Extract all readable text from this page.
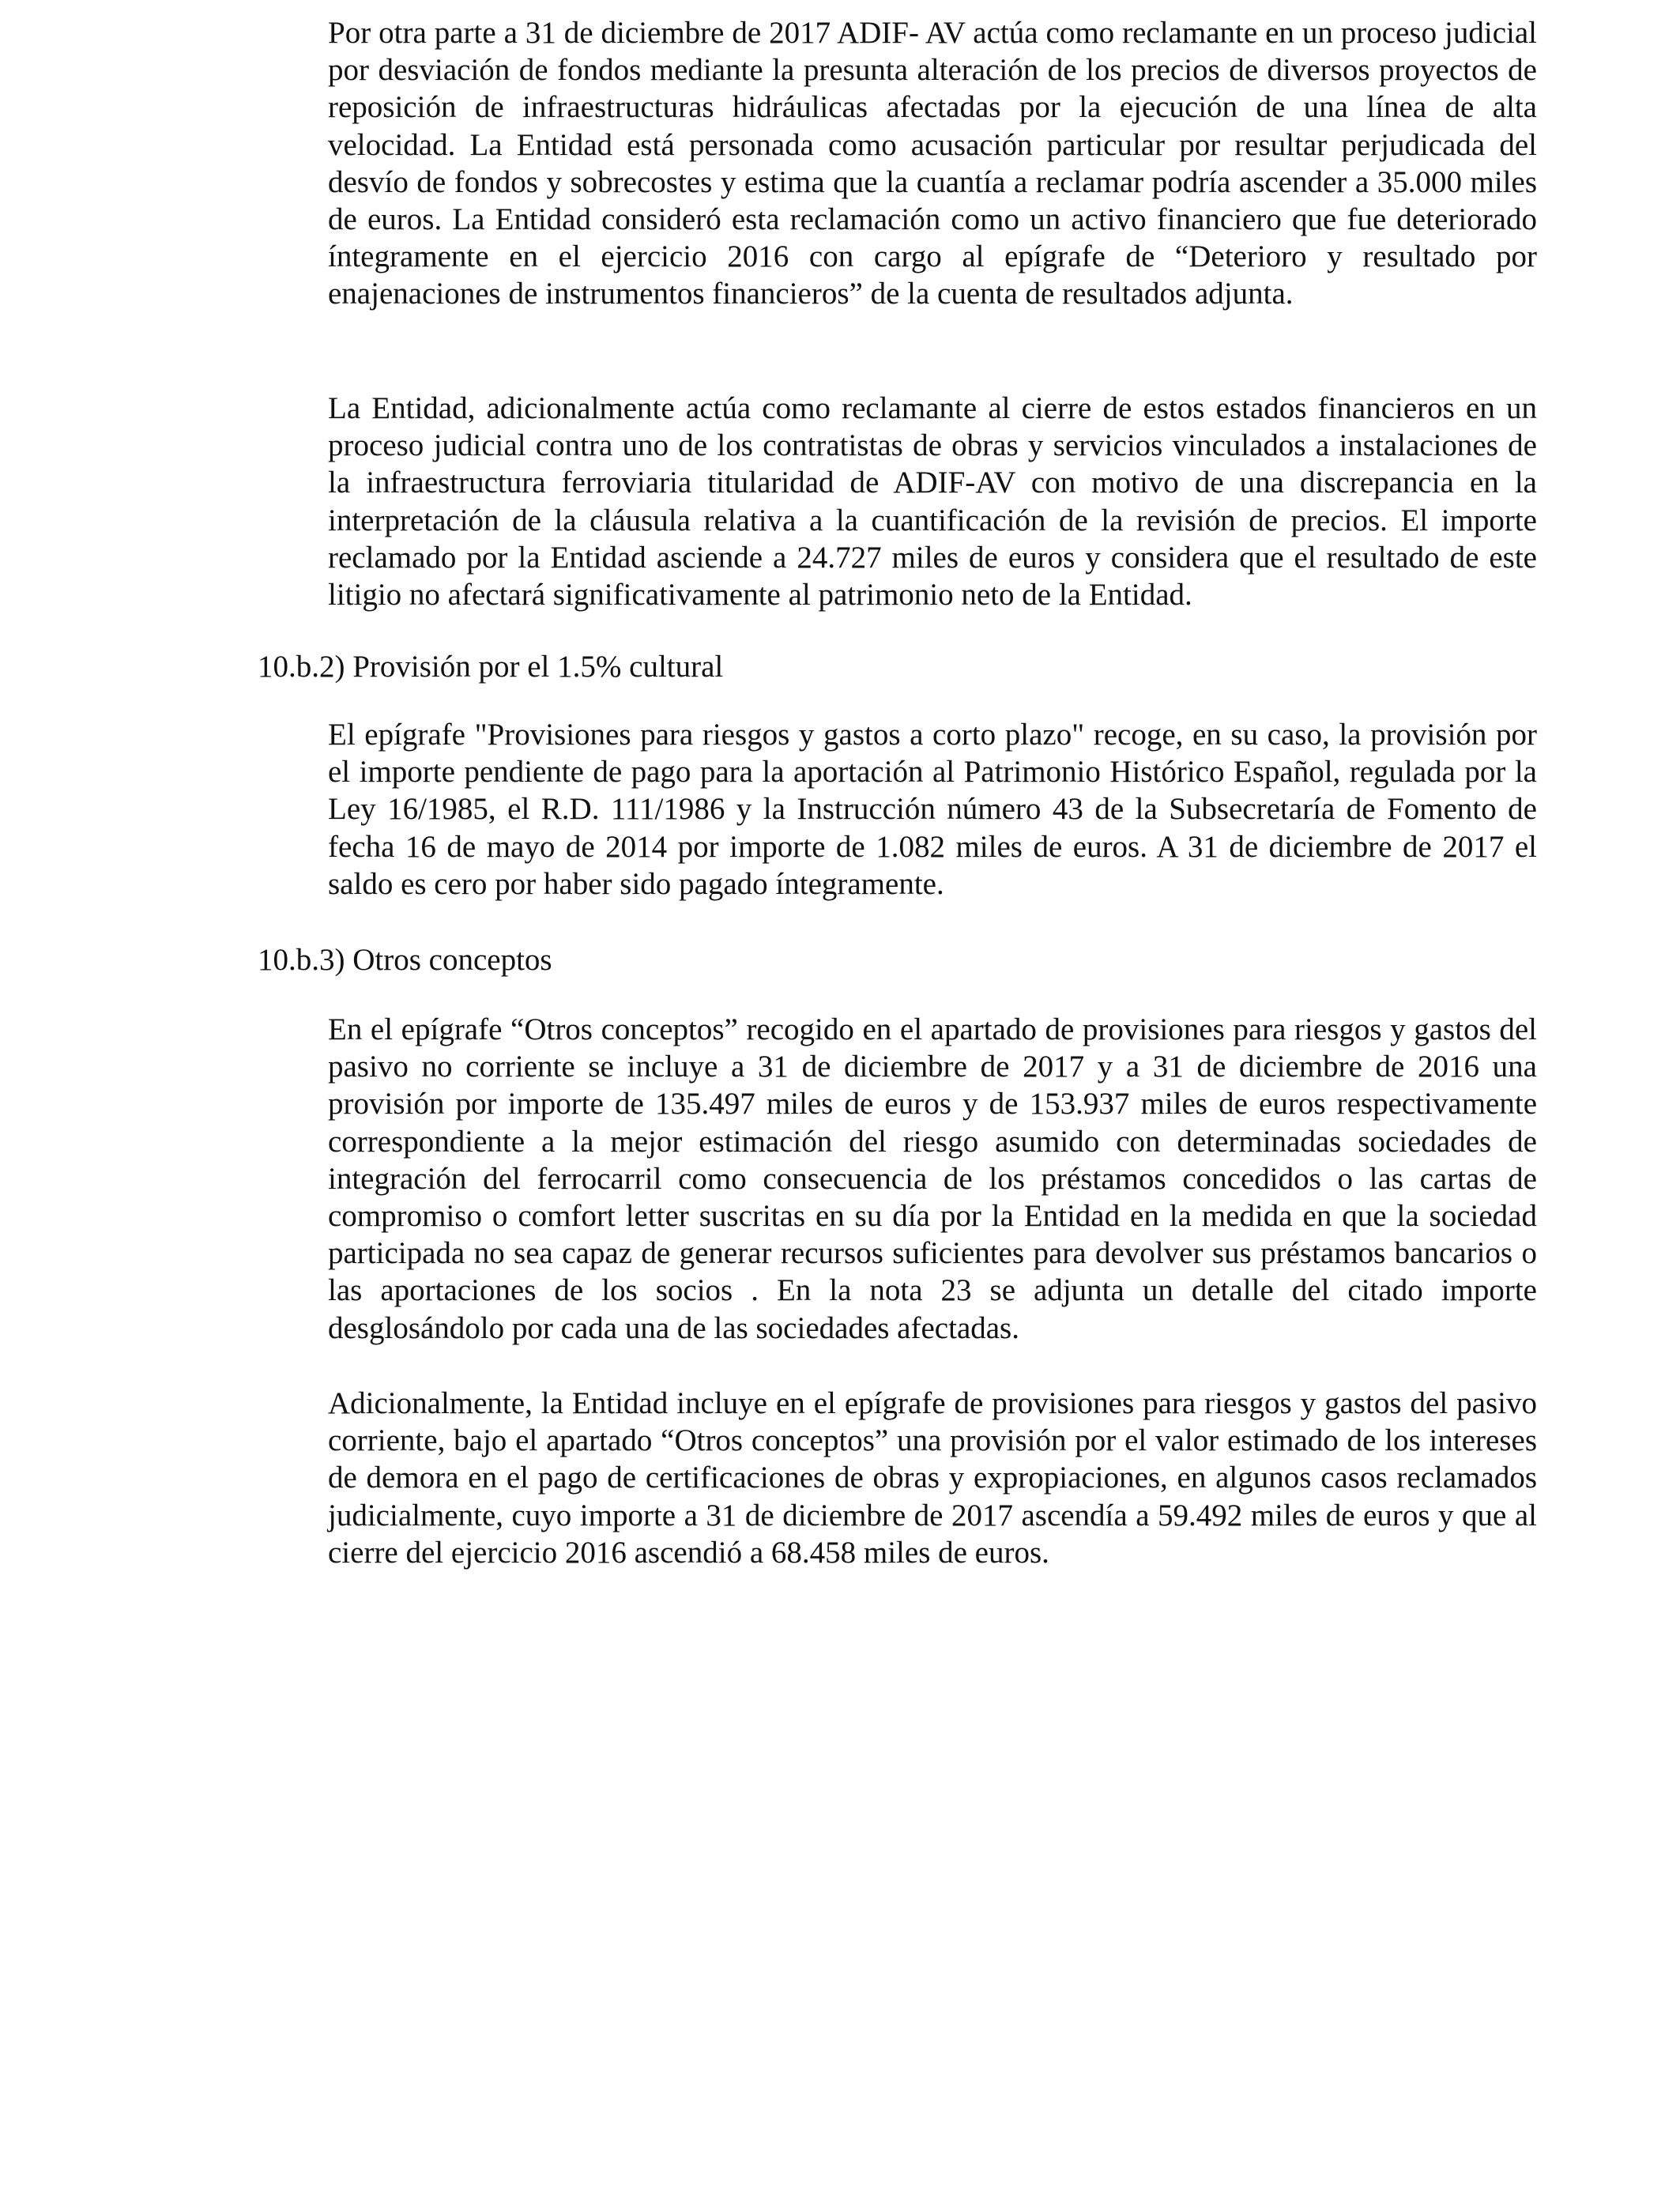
Por otra parte a 31 de diciembre de 2017 ADIF- AV actúa como reclamante en un proceso judicial por desviación de fondos mediante la presunta alteración de los precios de diversos proyectos de reposición de infraestructuras hidráulicas afectadas por la ejecución de una línea de alta velocidad. La Entidad está personada como acusación particular por resultar perjudicada del desvío de fondos y sobrecostes y estima que la cuantía a reclamar podría ascender a 35.000 miles de euros. La Entidad consideró esta reclamación como un activo financiero que fue deteriorado íntegramente en el ejercicio 2016 con cargo al epígrafe de “Deterioro y resultado por enajenaciones de instrumentos financieros” de la cuenta de resultados adjunta.

La Entidad, adicionalmente actúa como reclamante al cierre de estos estados financieros en un proceso judicial contra uno de los contratistas de obras y servicios vinculados a instalaciones de la infraestructura ferroviaria titularidad de ADIF-AV con motivo de una discrepancia en la interpretación de la cláusula relativa a la cuantificación de la revisión de precios. El importe reclamado por la Entidad asciende a 24.727 miles de euros y considera que el resultado de este litigio no afectará significativamente al patrimonio neto de la Entidad.

10.b.2) Provisión por el 1.5% cultural

El epígrafe "Provisiones para riesgos y gastos a corto plazo" recoge, en su caso, la provisión por el importe pendiente de pago para la aportación al Patrimonio Histórico Español, regulada por la Ley 16/1985, el R.D. 111/1986 y la Instrucción número 43 de la Subsecretaría de Fomento de fecha 16 de mayo de 2014 por importe de 1.082 miles de euros. A 31 de diciembre de 2017 el saldo es cero por haber sido pagado íntegramente.

10.b.3) Otros conceptos

En el epígrafe “Otros conceptos” recogido en el apartado de provisiones para riesgos y gastos del pasivo no corriente se incluye a 31 de diciembre de 2017 y a 31 de diciembre de 2016 una provisión por importe de 135.497 miles de euros y de 153.937 miles de euros respectivamente correspondiente a la mejor estimación del riesgo asumido con determinadas sociedades de integración del ferrocarril como consecuencia de los préstamos concedidos o las cartas de compromiso o comfort letter suscritas en su día por la Entidad en la medida en que la sociedad participada no sea capaz de generar recursos suficientes para devolver sus préstamos bancarios o las aportaciones de los socios . En la nota 23 se adjunta un detalle del citado importe desglosándolo por cada una de las sociedades afectadas.

Adicionalmente, la Entidad incluye en el epígrafe de provisiones para riesgos y gastos del pasivo corriente, bajo el apartado “Otros conceptos” una provisión por el valor estimado de los intereses de demora en el pago de certificaciones de obras y expropiaciones, en algunos casos reclamados judicialmente, cuyo importe a 31 de diciembre de 2017 ascendía a 59.492 miles de euros y que al cierre del ejercicio 2016 ascendió a 68.458 miles de euros.
